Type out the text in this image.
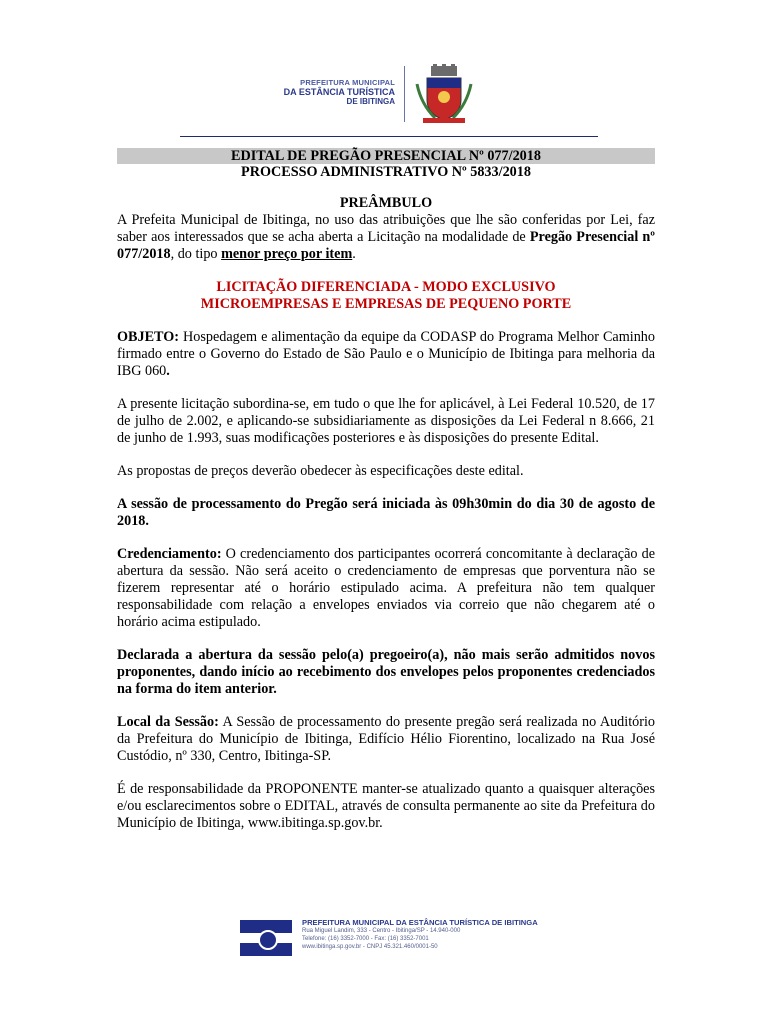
PREFEITURA MUNICIPAL
DA ESTÂNCIA TURÍSTICA
DE IBITINGA
EDITAL DE PREGÃO PRESENCIAL Nº 077/2018

PROCESSO ADMINISTRATIVO Nº 5833/2018

PREÂMBULO

A Prefeita Municipal de Ibitinga, no uso das atribuições que lhe são conferidas por Lei, faz saber aos interessados que se acha aberta a Licitação na modalidade de Pregão Presencial nº 077/2018, do tipo menor preço por item.

LICITAÇÃO DIFERENCIADA - MODO EXCLUSIVO

MICROEMPRESAS E EMPRESAS DE PEQUENO PORTE

OBJETO: Hospedagem e alimentação da equipe da CODASP do Programa Melhor Caminho firmado entre o Governo do Estado de São Paulo e o Município de Ibitinga para melhoria da IBG 060.

A presente licitação subordina-se, em tudo o que lhe for aplicável, à Lei Federal 10.520, de 17 de julho de 2.002, e aplicando-se subsidiariamente as disposições da Lei Federal n 8.666, 21 de junho de 1.993, suas modificações posteriores e às disposições do presente Edital.

As propostas de preços deverão obedecer às especificações deste edital.

A sessão de processamento do Pregão será iniciada às 09h30min do dia 30 de agosto de 2018.

Credenciamento: O credenciamento dos participantes ocorrerá concomitante à declaração de abertura da sessão. Não será aceito o credenciamento de empresas que porventura não se fizerem representar até o horário estipulado acima. A prefeitura não tem qualquer responsabilidade com relação a envelopes enviados via correio que não chegarem até o horário acima estipulado.

Declarada a abertura da sessão pelo(a) pregoeiro(a), não mais serão admitidos novos proponentes, dando início ao recebimento dos envelopes pelos proponentes credenciados na forma do item anterior.

Local da Sessão: A Sessão de processamento do presente pregão será realizada no Auditório da Prefeitura do Município de Ibitinga, Edifício Hélio Fiorentino, localizado na Rua José Custódio, nº 330, Centro, Ibitinga-SP.

É de responsabilidade da PROPONENTE manter-se atualizado quanto a quaisquer alterações e/ou esclarecimentos sobre o EDITAL, através de consulta permanente ao site da Prefeitura do Município de Ibitinga, www.ibitinga.sp.gov.br.

PREFEITURA MUNICIPAL DA ESTÂNCIA TURÍSTICA DE IBITINGA
Rua Miguel Landim, 333 - Centro - Ibitinga/SP - 14.940-000
Telefone: (16) 3352-7000 - Fax: (16) 3352-7001
www.ibitinga.sp.gov.br - CNPJ 45.321.460/0001-50
